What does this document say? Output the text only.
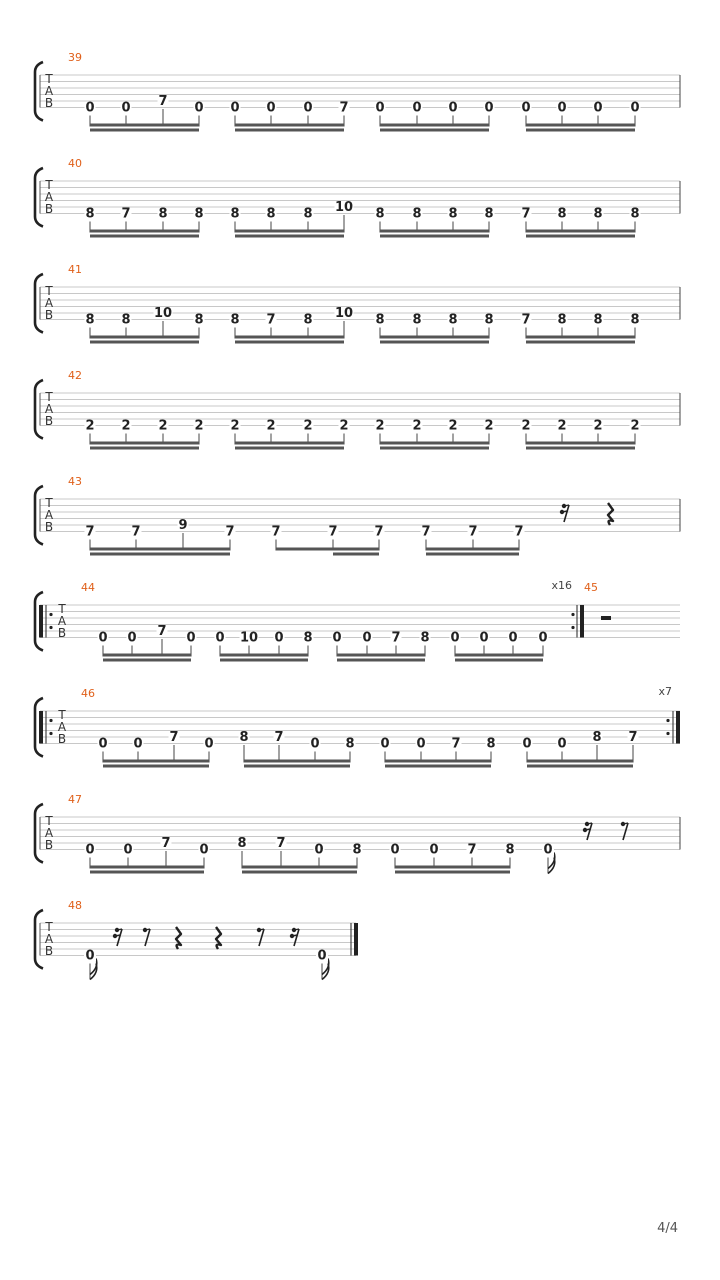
T
A
B
39
0 0 7 0 0 0 0 7 0 0 0 0 0 0 0 0
T
A
B
40
8 7 8 8 8 8 8 10 8 8 8 8 7 8 8 8
T
A
B
41
8 8 10 8 8 7 8 10 8 8 8 8 7 8 8 8
T
A
B
42
2 2 2 2 2 2 2 2 2 2 2 2 2 2 2 2
T
A
B
43
7	7	9	7	7	7	7	7	7	7
T
A
B
44
0 0 7 0 0 10 0 8 0 0 7 8 0 0 0 0
x16 45
T
A
B
46
0 0 7 0 8 7 0 8 0 0 7 8 0 0 8 7
x7
T
A
B
47
0 0 7 0 8 7 0 8 0 0 7 8 0
T
A
B
48
0	0
4/4
